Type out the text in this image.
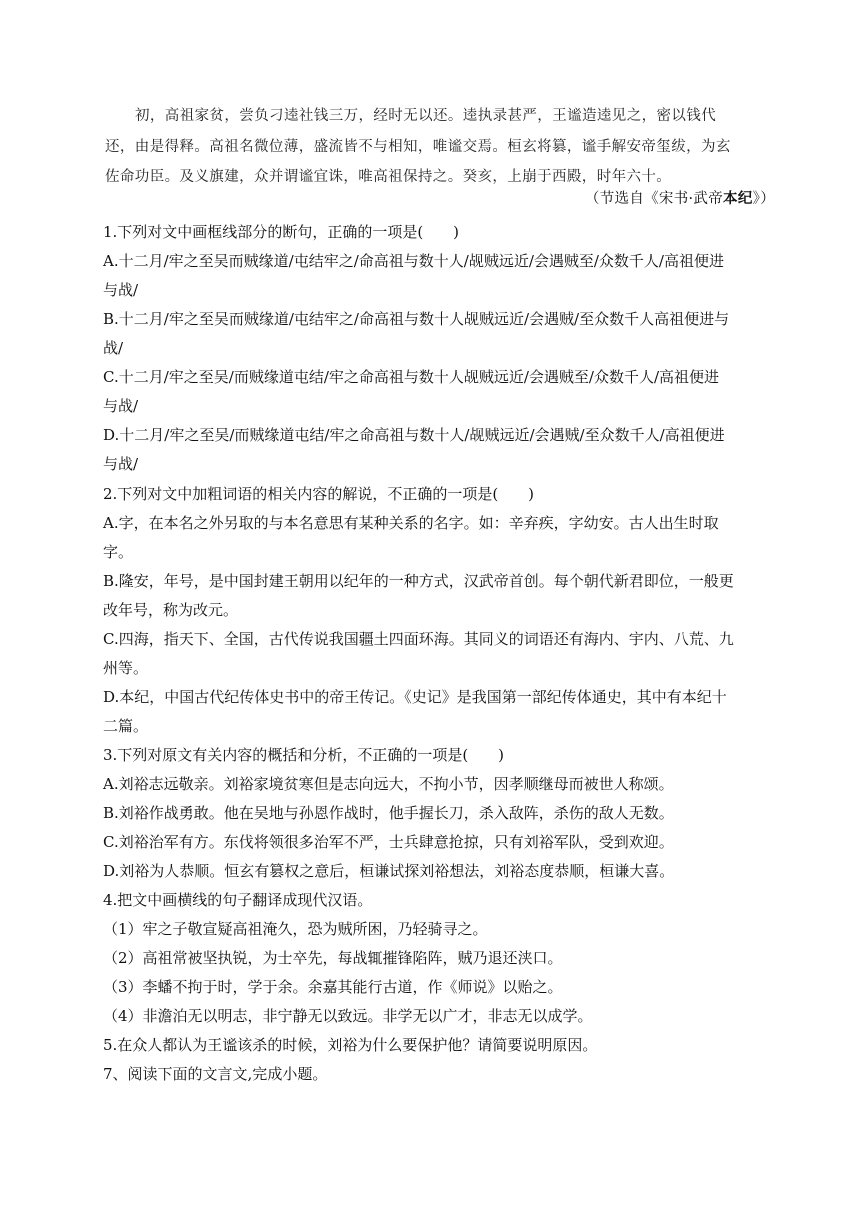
初，高祖家贫，尝负刁逵社钱三万，经时无以还。逵执录甚严，王谧造逵见之，密以钱代
还，由是得释。高祖名微位薄，盛流皆不与相知，唯谧交焉。桓玄将篡，谧手解安帝玺绂，为玄
佐命功臣。及义旗建，众并谓谧宜诛，唯高祖保持之。癸亥，上崩于西殿，时年六十。
（节选自《宋书·武帝本纪》）
1.下列对文中画框线部分的断句，正确的一项是(　　)
A.十二月/牢之至吴而贼缘道/屯结牢之/命高祖与数十人/觇贼远近/会遇贼至/众数千人/高祖便进
与战/
B.十二月/牢之至吴而贼缘道/屯结牢之/命高祖与数十人觇贼远近/会遇贼/至众数千人高祖便进与
战/
C.十二月/牢之至吴/而贼缘道屯结/牢之命高祖与数十人觇贼远近/会遇贼至/众数千人/高祖便进
与战/
D.十二月/牢之至吴/而贼缘道屯结/牢之命高祖与数十人/觇贼远近/会遇贼/至众数千人/高祖便进
与战/
2.下列对文中加粗词语的相关内容的解说，不正确的一项是(　　)
A.字，在本名之外另取的与本名意思有某种关系的名字。如：辛弃疾，字幼安。古人出生时取
字。
B.隆安，年号，是中国封建王朝用以纪年的一种方式，汉武帝首创。每个朝代新君即位，一般更
改年号，称为改元。
C.四海，指天下、全国，古代传说我国疆土四面环海。其同义的词语还有海内、宇内、八荒、九
州等。
D.本纪，中国古代纪传体史书中的帝王传记。《史记》是我国第一部纪传体通史，其中有本纪十
二篇。
3.下列对原文有关内容的概括和分析，不正确的一项是(　　)
A.刘裕志远敬亲。刘裕家境贫寒但是志向远大，不拘小节，因孝顺继母而被世人称颂。
B.刘裕作战勇敢。他在吴地与孙恩作战时，他手握长刀，杀入敌阵，杀伤的敌人无数。
C.刘裕治军有方。东伐将领很多治军不严，士兵肆意抢掠，只有刘裕军队，受到欢迎。
D.刘裕为人恭顺。恒玄有篡权之意后，桓谦试探刘裕想法，刘裕态度恭顺，桓谦大喜。
4.把文中画横线的句子翻译成现代汉语。
（1）牢之子敬宣疑高祖淹久，恐为贼所困，乃轻骑寻之。
（2）高祖常被坚执锐，为士卒先，每战辄摧锋陷阵，贼乃退还浃口。
（3）李蟠不拘于时，学于余。余嘉其能行古道，作《师说》以贻之。
（4）非澹泊无以明志，非宁静无以致远。非学无以广才，非志无以成学。
5.在众人都认为王谧该杀的时候，刘裕为什么要保护他？请简要说明原因。
7、阅读下面的文言文,完成小题。
